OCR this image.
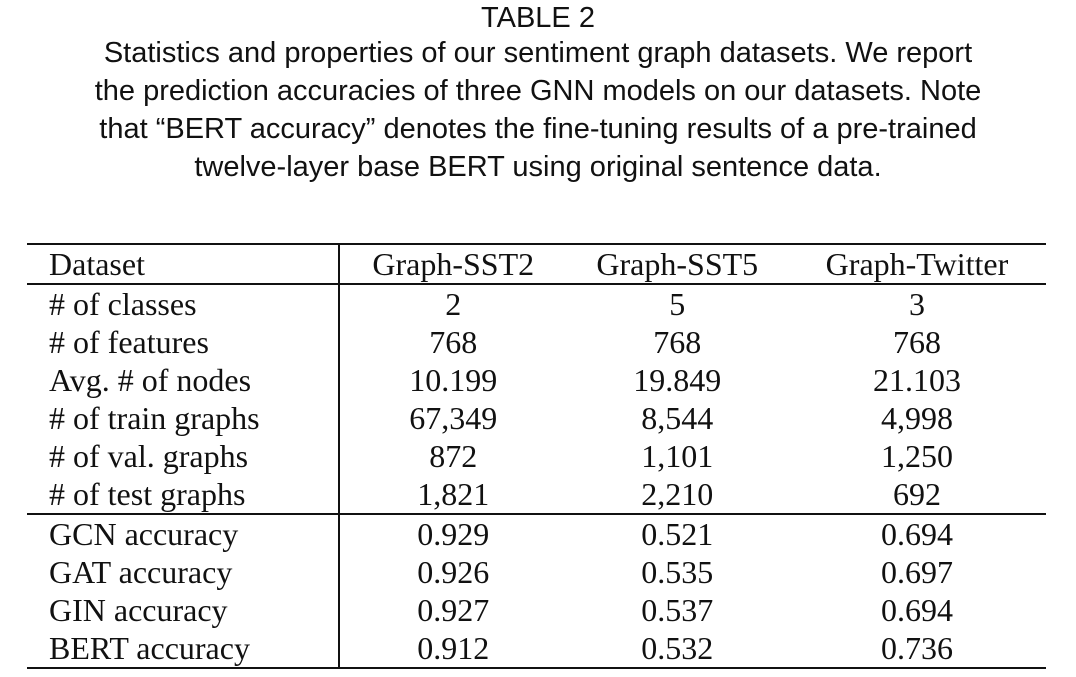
TABLE 2

Statistics and properties of our sentiment graph datasets. We report
the prediction accuracies of three GNN models on our datasets. Note
that “BERT accuracy” denotes the fine-tuning results of a pre-trained
twelve-layer base BERT using original sentence data.

Dataset	Graph-SST2	Graph-SST5	Graph-Twitter
# of classes	2	5	3
# of features	768	768	768
Avg. # of nodes	10.199	19.849	21.103
# of train graphs	67,349	8,544	4,998
# of val. graphs	872	1,101	1,250
# of test graphs	1,821	2,210	692
GCN accuracy	0.929	0.521	0.694
GAT accuracy	0.926	0.535	0.697
GIN accuracy	0.927	0.537	0.694
BERT accuracy	0.912	0.532	0.736
